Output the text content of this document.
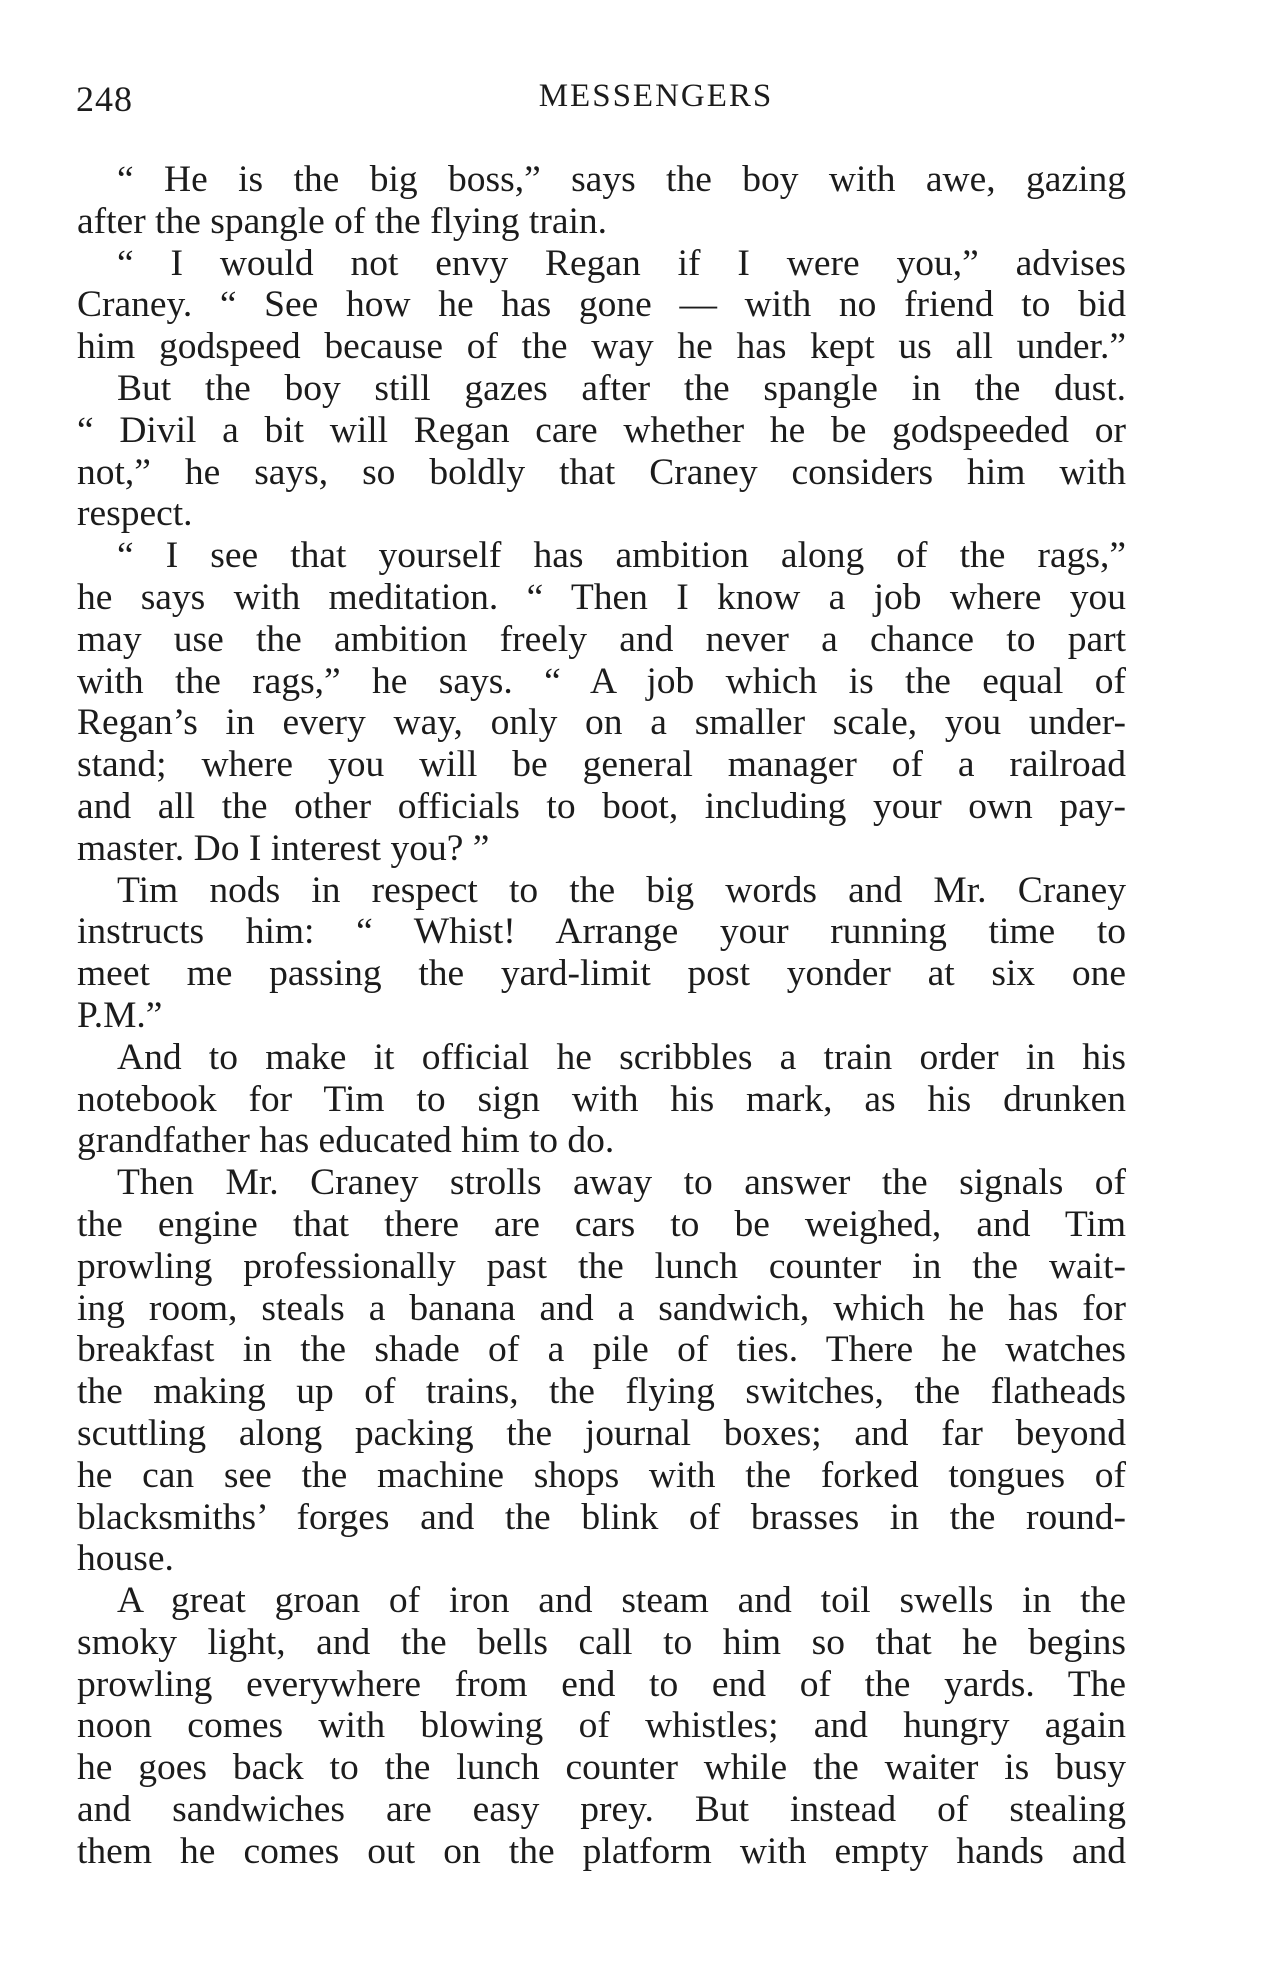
248	MESSENGERS

“ He is the big boss,” says the boy with awe, gazing
after the spangle of the flying train.

“ I would not envy Regan if I were you,” advises
Craney. “ See how he has gone — with no friend to bid
him godspeed because of the way he has kept us all under.”

But the boy still gazes after the spangle in the dust.
“ Divil a bit will Regan care whether he be godspeeded or
not,” he says, so boldly that Craney considers him with
respect.

“ I see that yourself has ambition along of the rags,”
he says with meditation. “ Then I know a job where you
may use the ambition freely and never a chance to part
with the rags,” he says. “ A job which is the equal of
Regan’s in every way, only on a smaller scale, you under-
stand; where you will be general manager of a railroad
and all the other officials to boot, including your own pay-
master. Do I interest you? ”

Tim nods in respect to the big words and Mr. Craney
instructs him: “ Whist! Arrange your running time to
meet me passing the yard-limit post yonder at six one
P.M.”

And to make it official he scribbles a train order in his
notebook for Tim to sign with his mark, as his drunken
grandfather has educated him to do.

Then Mr. Craney strolls away to answer the signals of
the engine that there are cars to be weighed, and Tim
prowling professionally past the lunch counter in the wait-
ing room, steals a banana and a sandwich, which he has for
breakfast in the shade of a pile of ties. There he watches
the making up of trains, the flying switches, the flatheads
scuttling along packing the journal boxes; and far beyond
he can see the machine shops with the forked tongues of
blacksmiths’ forges and the blink of brasses in the round-
house.

A great groan of iron and steam and toil swells in the
smoky light, and the bells call to him so that he begins
prowling everywhere from end to end of the yards. The
noon comes with blowing of whistles; and hungry again
he goes back to the lunch counter while the waiter is busy
and sandwiches are easy prey. But instead of stealing
them he comes out on the platform with empty hands and
